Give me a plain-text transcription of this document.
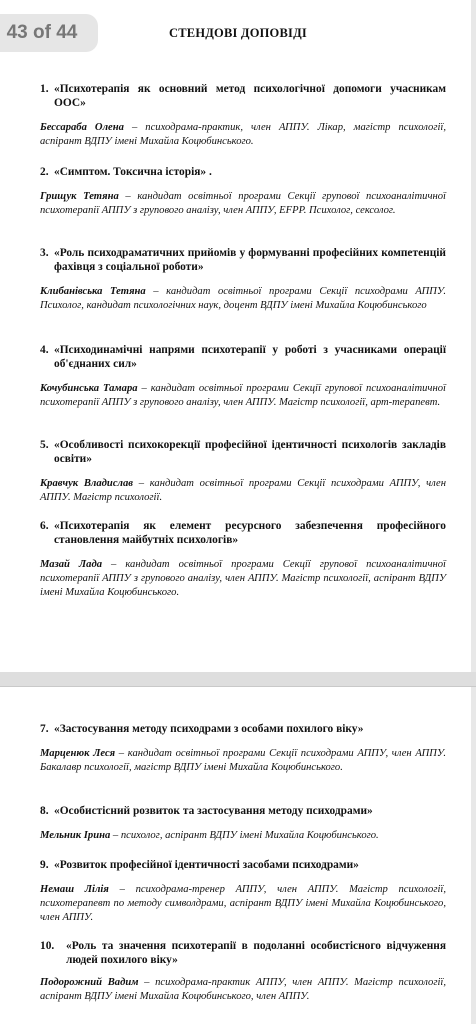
43 of 44	СТЕНДОВІ ДОПОВІДІ
1. «Психотерапія як основний метод психологічної допомоги учасникам ООС»
Бессараба Олена – психодрама-практик, член АППУ. Лікар, магістр психології, аспірант ВДПУ імені Михайла Коцюбинського.
2. «Симптом. Токсична історія» .
Грищук Тетяна – кандидат освітньої програми Секції групової психоаналітичної психотерапії АППУ з групового аналізу, член АППУ, EFPP. Психолог, сексолог.
3. «Роль психодраматичних прийомів у формуванні професійних компетенцій фахівця з соціальної роботи»
Клибанівська Тетяна – кандидат освітньої програми Секції психодрами АППУ. Психолог, кандидат психологічних наук, доцент ВДПУ імені Михайла Коцюбинського
4. «Психодинамічні напрями психотерапії у роботі з учасниками операції об'єднаних сил»
Кочубинська Тамара – кандидат освітньої програми Секції групової психоаналітичної психотерапії АППУ з групового аналізу, член АППУ. Магістр психології, арт-терапевт.
5. «Особливості психокорекції професійної ідентичності психологів закладів освіти»
Кравчук Владислав – кандидат освітньої програми Секції психодрами АППУ, член АППУ. Магістр психології.
6. «Психотерапія як елемент ресурсного забезпечення професійного становлення майбутніх психологів»
Мазай Лада – кандидат освітньої програми Секції групової психоаналітичної психотерапії АППУ з групового аналізу, член АППУ. Магістр психології, аспірант ВДПУ імені Михайла Коцюбинського.
7. «Застосування методу психодрами з особами похилого віку»
Марценюк Леся – кандидат освітньої програми Секції психодрами АППУ, член АППУ. Бакалавр психології, магістр ВДПУ імені Михайла Коцюбинського.
8. «Особистісний розвиток та застосування методу психодрами»
Мельник Ірина – психолог, аспірант ВДПУ імені Михайла Коцюбинського.
9. «Розвиток професійної ідентичності засобами психодрами»
Немаш Лілія – психодрама-тренер АППУ, член АППУ. Магістр психології, психотерапевт по методу символдрами, аспірант ВДПУ імені Михайла Коцюбинського, член АППУ.
10.	«Роль та значення психотерапії в подоланні особистісного відчуження людей похилого віку»
Подорожний Вадим – психодрама-практик АППУ, член АППУ. Магістр психології, аспірант ВДПУ імені Михайла Коцюбинського, член АППУ.
